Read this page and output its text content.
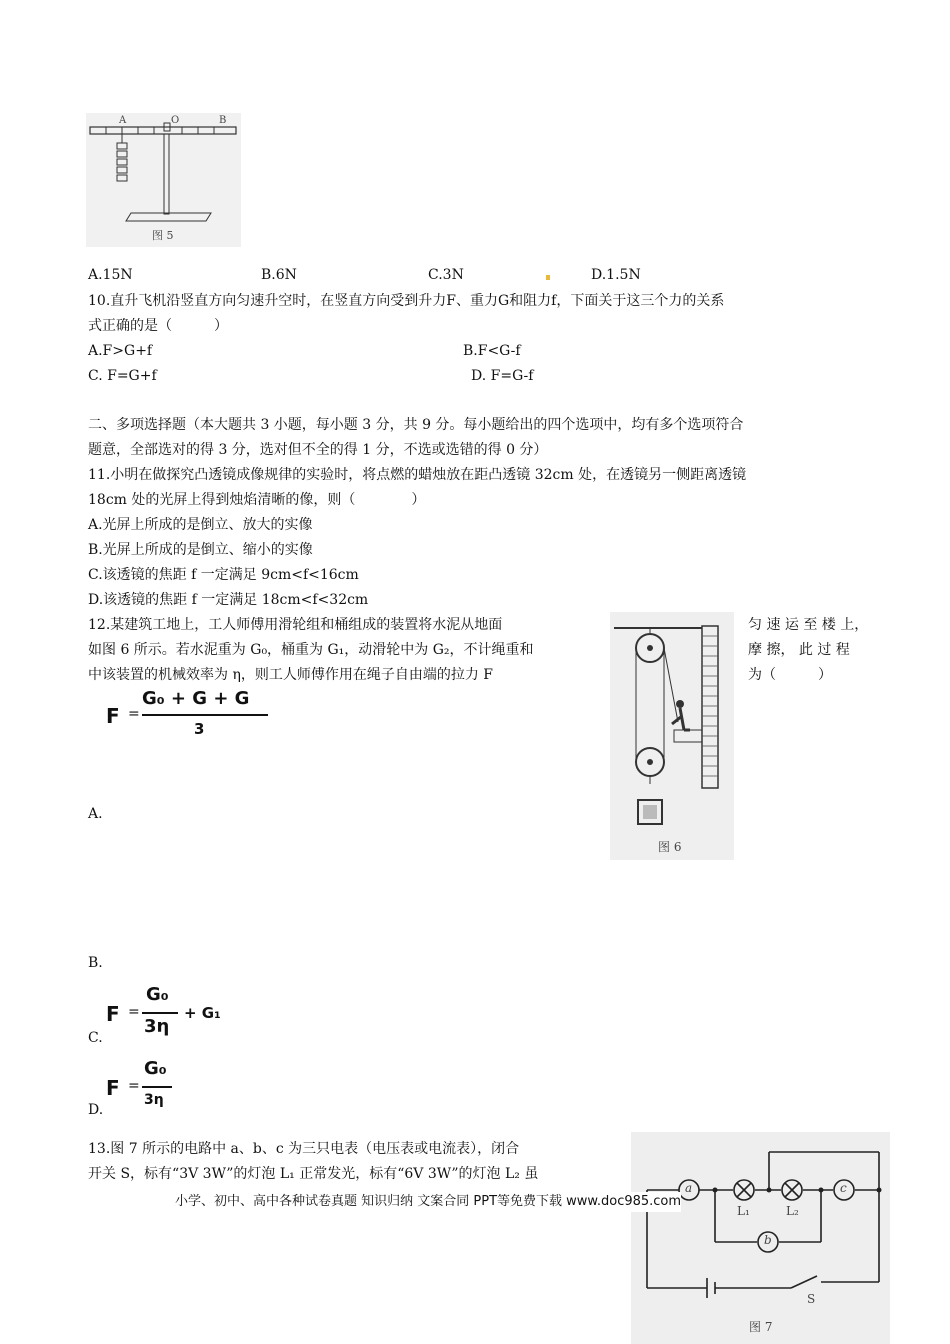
A	O	B
图 5
A.15N	B.6N	C.3N	D.1.5N
10.直升飞机沿竖直方向匀速升空时，在竖直方向受到升力F、重力G和阻力f，下面关于这三个力的关系
式正确的是（　　　）
A.F>G+f	B.F<G-f
C. F=G+f	D. F=G-f
二、多项选择题（本大题共 3 小题，每小题 3 分，共 9 分。每小题给出的四个选项中，均有多个选项符合
题意，全部选对的得 3 分，选对但不全的得 1 分，不选或选错的得 0 分）
11.小明在做探究凸透镜成像规律的实验时，将点燃的蜡烛放在距凸透镜 32cm 处，在透镜另一侧距离透镜
18cm 处的光屏上得到烛焰清晰的像，则（　　　　）
A.光屏上所成的是倒立、放大的实像
B.光屏上所成的是倒立、缩小的实像
C.该透镜的焦距 f 一定满足 9cm<f<16cm
D.该透镜的焦距 f 一定满足 18cm<f<32cm
12.某建筑工地上，工人师傅用滑轮组和桶组成的装置将水泥从地面
如图 6 所示。若水泥重为 G₀，桶重为 G₁，动滑轮中为 G₂，不计绳重和
中该装置的机械效率为 η，则工人师傅作用在绳子自由端的拉力 F
匀 速 运 至 楼 上，
摩 擦， 此 过 程
为（　　　）
图 6
F =
G₀ + G + G
3
A.
B.
F =
G₀
3η
+ G₁
C.
F =
G₀
3η
D.
13.图 7 所示的电路中 a、b、c 为三只电表（电压表或电流表），闭合
开关 S，标有“3V 3W”的灯泡 L₁ 正常发光，标有“6V 3W”的灯泡 L₂ 虽
a	c
b
L₁	L₂
S
图 7
小学、初中、高中各种试卷真题 知识归纳 文案合同 PPT等免费下载 www.doc985.com
